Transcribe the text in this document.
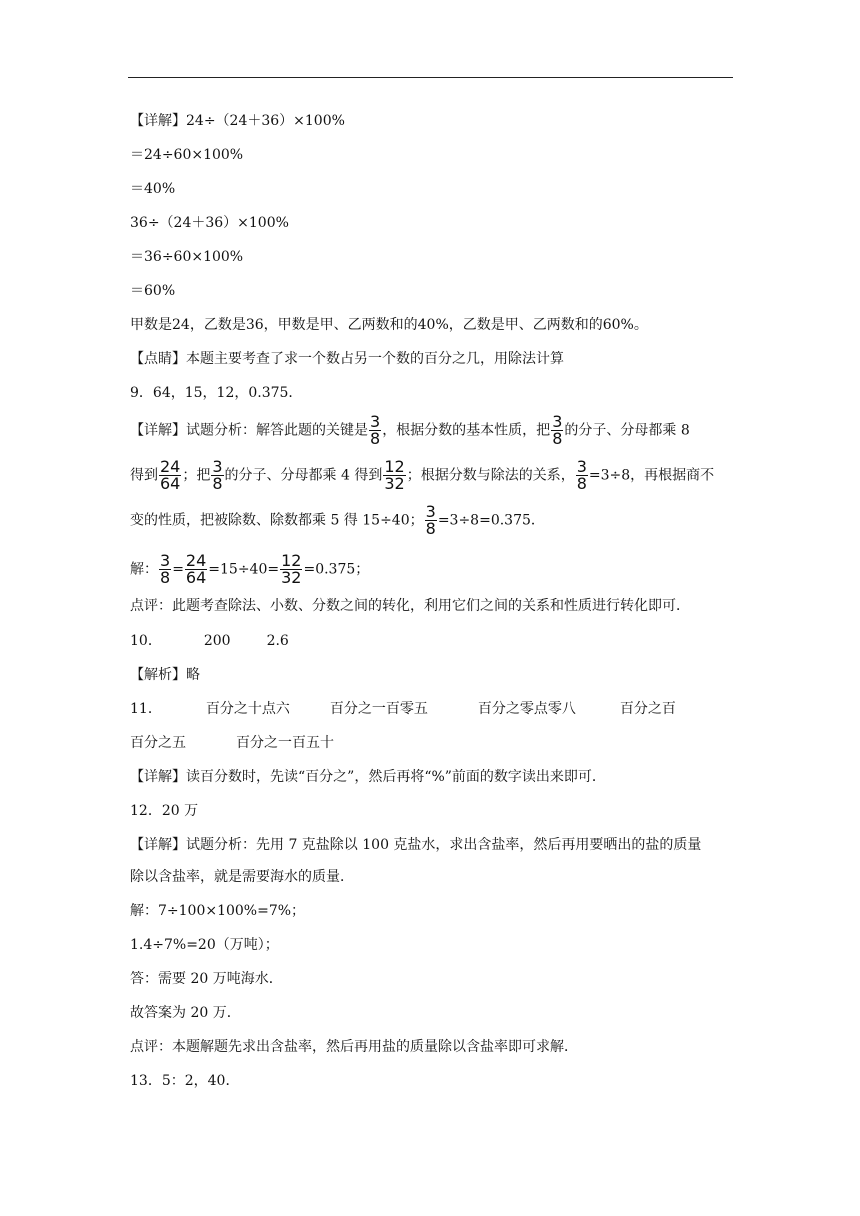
【详解】24÷（24＋36）×100%
＝24÷60×100%
＝40%
36÷（24＋36）×100%
＝36÷60×100%
＝60%
甲数是24，乙数是36，甲数是甲、乙两数和的40%，乙数是甲、乙两数和的60%。
【点睛】本题主要考查了求一个数占另一个数的百分之几，用除法计算
9．64，15，12，0.375．
【详解】试题分析：解答此题的关键是 $\frac{3}{8}$ ，根据分数的基本性质，把 $\frac{3}{8}$ 的分子、分母都乘 8
得到 $\frac{24}{64}$ ；把 $\frac{3}{8}$ 的分子、分母都乘 4 得到 $\frac{12}{32}$ ；根据分数与除法的关系， $\frac{3}{8} =3\div 8$，再根据商不
变的性质，把被除数、除数都乘 5 得 15÷40； $\frac{3}{8} =3\div 8=0.375$．
解： $\frac{3}{8} = \frac{24}{64} =15\div 40= \frac{12}{32} =0.375$；
点评：此题考查除法、小数、分数之间的转化，利用它们之间的关系和性质进行转化即可．
10．	200	2.6
【解析】略
11．	百分之十点六	百分之一百零五	百分之零点零八	百分之百
百分之五	百分之一百五十
【详解】读百分数时，先读“百分之”，然后再将“%”前面的数字读出来即可．
12．20 万
【详解】试题分析：先用 7 克盐除以 100 克盐水，求出含盐率，然后再用要晒出的盐的质量
除以含盐率，就是需要海水的质量．
解：7÷100×100%=7%；
1.4÷7%=20（万吨）；
答：需要 20 万吨海水．
故答案为 20 万．
点评：本题解题先求出含盐率，然后再用盐的质量除以含盐率即可求解．
13．5：2，40．
